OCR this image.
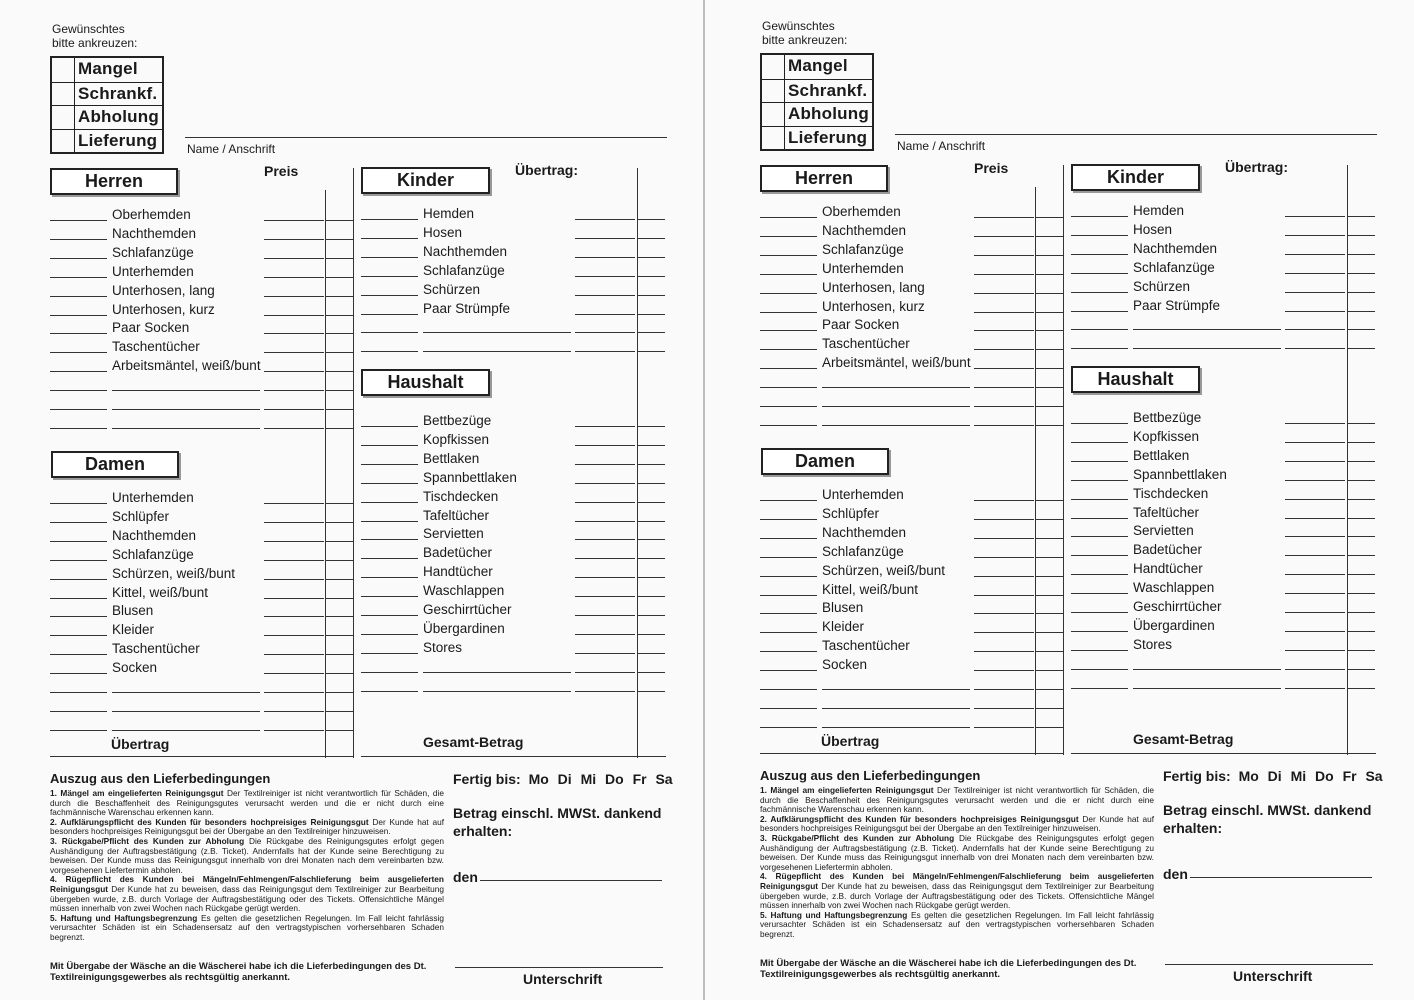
Gewünschtes
bitte ankreuzen:
Mangel
Schrankf.
Abholung
Lieferung Name / Anschrift
Herren	Preis	Kinder	Übertrag:
Damen
Haushalt
Oberhemden
Nachthemden
Schlafanzüge
Unterhemden
Unterhosen, lang
Unterhosen, kurz
Paar Socken
Taschentücher
Arbeitsmäntel, weiß/bunt
Unterhemden
Schlüpfer
Nachthemden
Schlafanzüge
Schürzen, weiß/bunt
Kittel, weiß/bunt
Blusen
Kleider
Taschentücher
Socken
Hemden
Hosen
Nachthemden
Schlafanzüge
Schürzen
Paar Strümpfe
Bettbezüge
Kopfkissen
Bettlaken
Spannbettlaken
Tischdecken
Tafeltücher
Servietten
Badetücher
Handtücher
Waschlappen
Geschirrtücher
Übergardinen
Stores
Übertrag	Gesamt-Betrag
Auszug aus den Lieferbedingungen

1. Mängel am eingelieferten Reinigungsgut Der Textilreiniger ist nicht verantwortlich für Schäden, die durch die Beschaffenheit des Reinigungsgutes verursacht werden und die er nicht durch eine fachmännische Warenschau erkennen kann.

2. Aufklärungspflicht des Kunden für besonders hochpreisiges Reinigungsgut Der Kunde hat auf besonders hochpreisiges Reinigungsgut bei der Übergabe an den Textilreiniger hinzuweisen.

3. Rückgabe/Pflicht des Kunden zur Abholung Die Rückgabe des Reinigungsgutes erfolgt gegen Aushändigung der Auftragsbestätigung (z.B. Ticket). Andernfalls hat der Kunde seine Berechtigung zu beweisen. Der Kunde muss das Reinigungsgut innerhalb von drei Monaten nach dem vereinbarten bzw. vorgesehenen Liefertermin abholen.

4. Rügepflicht des Kunden bei Mängeln/Fehlmengen/Falschlieferung beim ausgelieferten Reinigungsgut Der Kunde hat zu beweisen, dass das Reinigungsgut dem Textilreiniger zur Bearbeitung übergeben wurde, z.B. durch Vorlage der Auftragsbestätigung oder des Tickets. Offensichtliche Mängel müssen innerhalb von zwei Wochen nach Rückgabe gerügt werden.

5. Haftung und Haftungsbegrenzung Es gelten die gesetzlichen Regelungen. Im Fall leicht fahrlässig verursachter Schäden ist ein Schadensersatz auf den vertragstypischen vorhersehbaren Schaden begrenzt.

Mit Übergabe der Wäsche an die Wäscherei habe ich die Lieferbedingungen des Dt. Textilreinigungsgewerbes als rechtsgültig anerkannt.
Fertig bis: Mo Di Mi Do Fr Sa
Betrag einschl. MWSt. dankend
erhalten:
den
Unterschrift
Gewünschtes
bitte ankreuzen:
Mangel
Schrankf.
Abholung
Lieferung Name / Anschrift
Herren	Preis	Kinder	Übertrag:
Damen
Haushalt
Oberhemden
Nachthemden
Schlafanzüge
Unterhemden
Unterhosen, lang
Unterhosen, kurz
Paar Socken
Taschentücher
Arbeitsmäntel, weiß/bunt
Unterhemden
Schlüpfer
Nachthemden
Schlafanzüge
Schürzen, weiß/bunt
Kittel, weiß/bunt
Blusen
Kleider
Taschentücher
Socken
Hemden
Hosen
Nachthemden
Schlafanzüge
Schürzen
Paar Strümpfe
Bettbezüge
Kopfkissen
Bettlaken
Spannbettlaken
Tischdecken
Tafeltücher
Servietten
Badetücher
Handtücher
Waschlappen
Geschirrtücher
Übergardinen
Stores
Übertrag	Gesamt-Betrag
Auszug aus den Lieferbedingungen

1. Mängel am eingelieferten Reinigungsgut Der Textilreiniger ist nicht verantwortlich für Schäden, die durch die Beschaffenheit des Reinigungsgutes verursacht werden und die er nicht durch eine fachmännische Warenschau erkennen kann.

2. Aufklärungspflicht des Kunden für besonders hochpreisiges Reinigungsgut Der Kunde hat auf besonders hochpreisiges Reinigungsgut bei der Übergabe an den Textilreiniger hinzuweisen.

3. Rückgabe/Pflicht des Kunden zur Abholung Die Rückgabe des Reinigungsgutes erfolgt gegen Aushändigung der Auftragsbestätigung (z.B. Ticket). Andernfalls hat der Kunde seine Berechtigung zu beweisen. Der Kunde muss das Reinigungsgut innerhalb von drei Monaten nach dem vereinbarten bzw. vorgesehenen Liefertermin abholen.

4. Rügepflicht des Kunden bei Mängeln/Fehlmengen/Falschlieferung beim ausgelieferten Reinigungsgut Der Kunde hat zu beweisen, dass das Reinigungsgut dem Textilreiniger zur Bearbeitung übergeben wurde, z.B. durch Vorlage der Auftragsbestätigung oder des Tickets. Offensichtliche Mängel müssen innerhalb von zwei Wochen nach Rückgabe gerügt werden.

5. Haftung und Haftungsbegrenzung Es gelten die gesetzlichen Regelungen. Im Fall leicht fahrlässig verursachter Schäden ist ein Schadensersatz auf den vertragstypischen vorhersehbaren Schaden begrenzt.

Mit Übergabe der Wäsche an die Wäscherei habe ich die Lieferbedingungen des Dt. Textilreinigungsgewerbes als rechtsgültig anerkannt.
Fertig bis: Mo Di Mi Do Fr Sa
Betrag einschl. MWSt. dankend
erhalten:
den
Unterschrift
